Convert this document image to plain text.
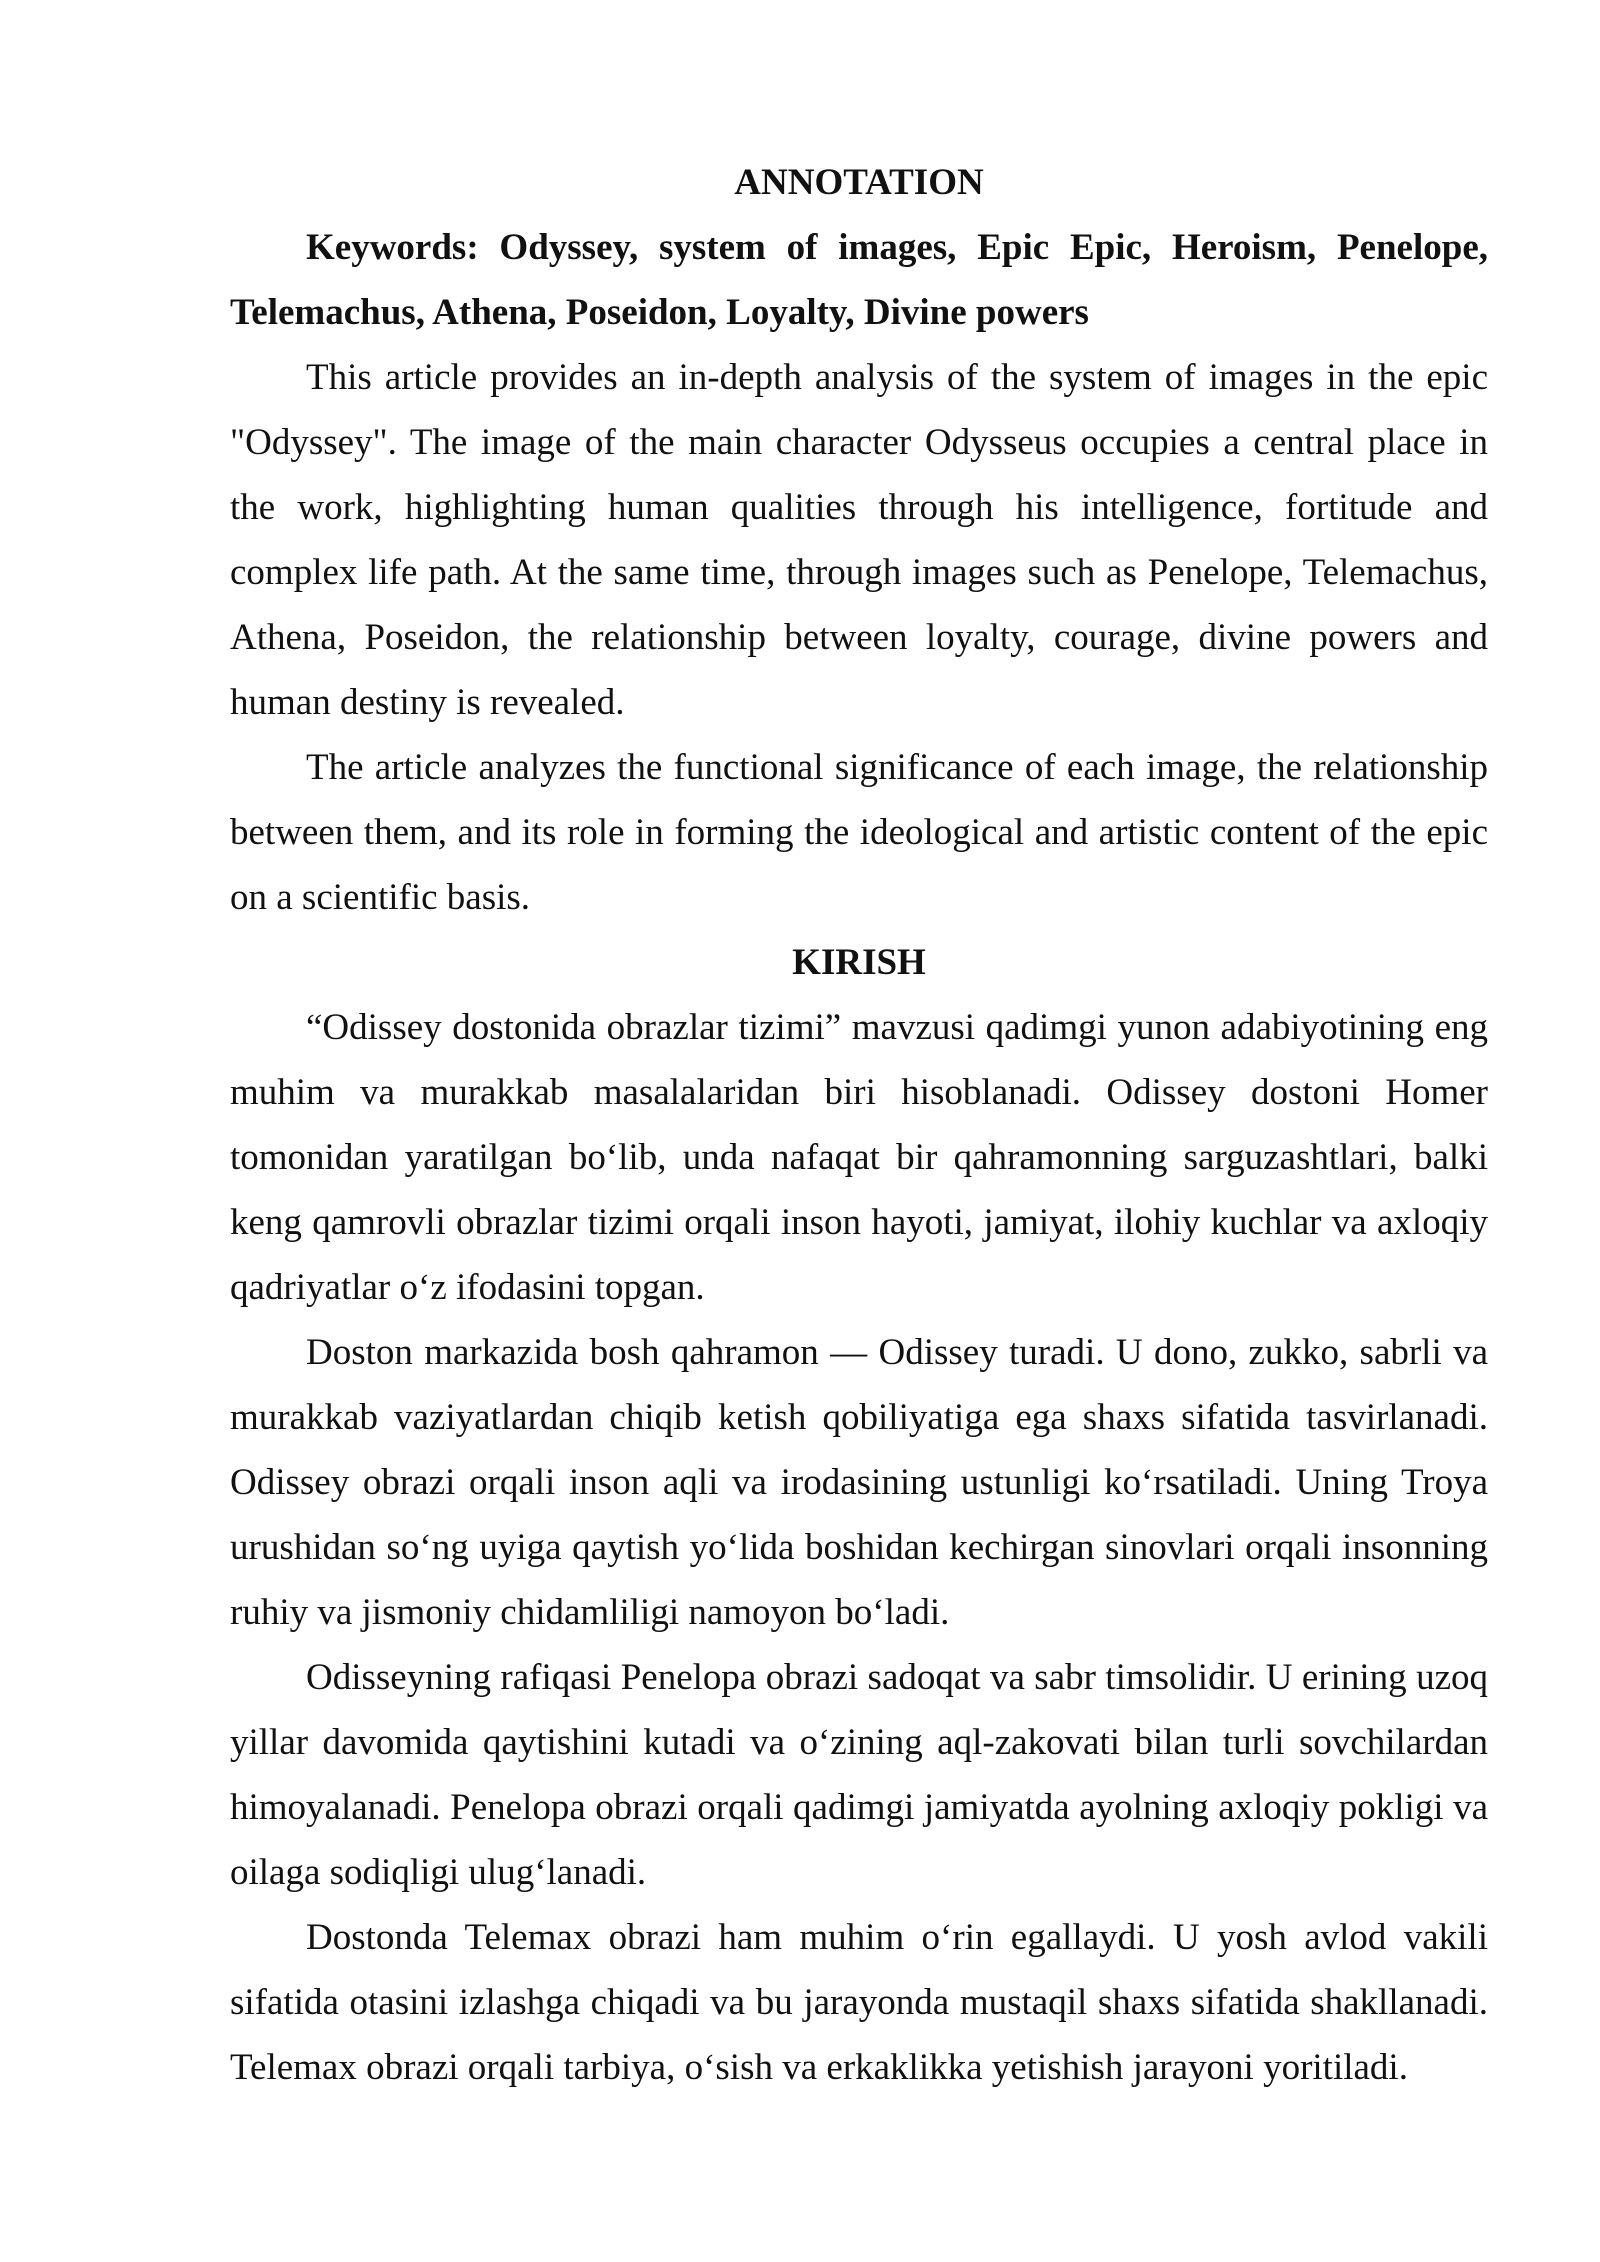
ANNOTATION

Keywords: Odyssey, system of images, Epic Epic, Heroism, Penelope, Telemachus, Athena, Poseidon, Loyalty, Divine powers

This article provides an in-depth analysis of the system of images in the epic "Odyssey". The image of the main character Odysseus occupies a central place in the work, highlighting human qualities through his intelligence, fortitude and complex life path. At the same time, through images such as Penelope, Telemachus, Athena, Poseidon, the relationship between loyalty, courage, divine powers and human destiny is revealed.

The article analyzes the functional significance of each image, the relationship between them, and its role in forming the ideological and artistic content of the epic on a scientific basis.

KIRISH

“Odissey dostonida obrazlar tizimi” mavzusi qadimgi yunon adabiyotining eng muhim va murakkab masalalaridan biri hisoblanadi. Odissey dostoni Homer tomonidan yaratilgan bo‘lib, unda nafaqat bir qahramonning sarguzashtlari, balki keng qamrovli obrazlar tizimi orqali inson hayoti, jamiyat, ilohiy kuchlar va axloqiy qadriyatlar o‘z ifodasini topgan.

Doston markazida bosh qahramon — Odissey turadi. U dono, zukko, sabrli va murakkab vaziyatlardan chiqib ketish qobiliyatiga ega shaxs sifatida tasvirlanadi. Odissey obrazi orqali inson aqli va irodasining ustunligi ko‘rsatiladi. Uning Troya urushidan so‘ng uyiga qaytish yo‘lida boshidan kechirgan sinovlari orqali insonning ruhiy va jismoniy chidamliligi namoyon bo‘ladi.

Odisseyning rafiqasi Penelopa obrazi sadoqat va sabr timsolidir. U erining uzoq yillar davomida qaytishini kutadi va o‘zining aql-zakovati bilan turli sovchilardan himoyalanadi. Penelopa obrazi orqali qadimgi jamiyatda ayolning axloqiy pokligi va oilaga sodiqligi ulug‘lanadi.

Dostonda Telemax obrazi ham muhim o‘rin egallaydi. U yosh avlod vakili sifatida otasini izlashga chiqadi va bu jarayonda mustaqil shaxs sifatida shakllanadi. Telemax obrazi orqali tarbiya, o‘sish va erkaklikka yetishish jarayoni yoritiladi.
